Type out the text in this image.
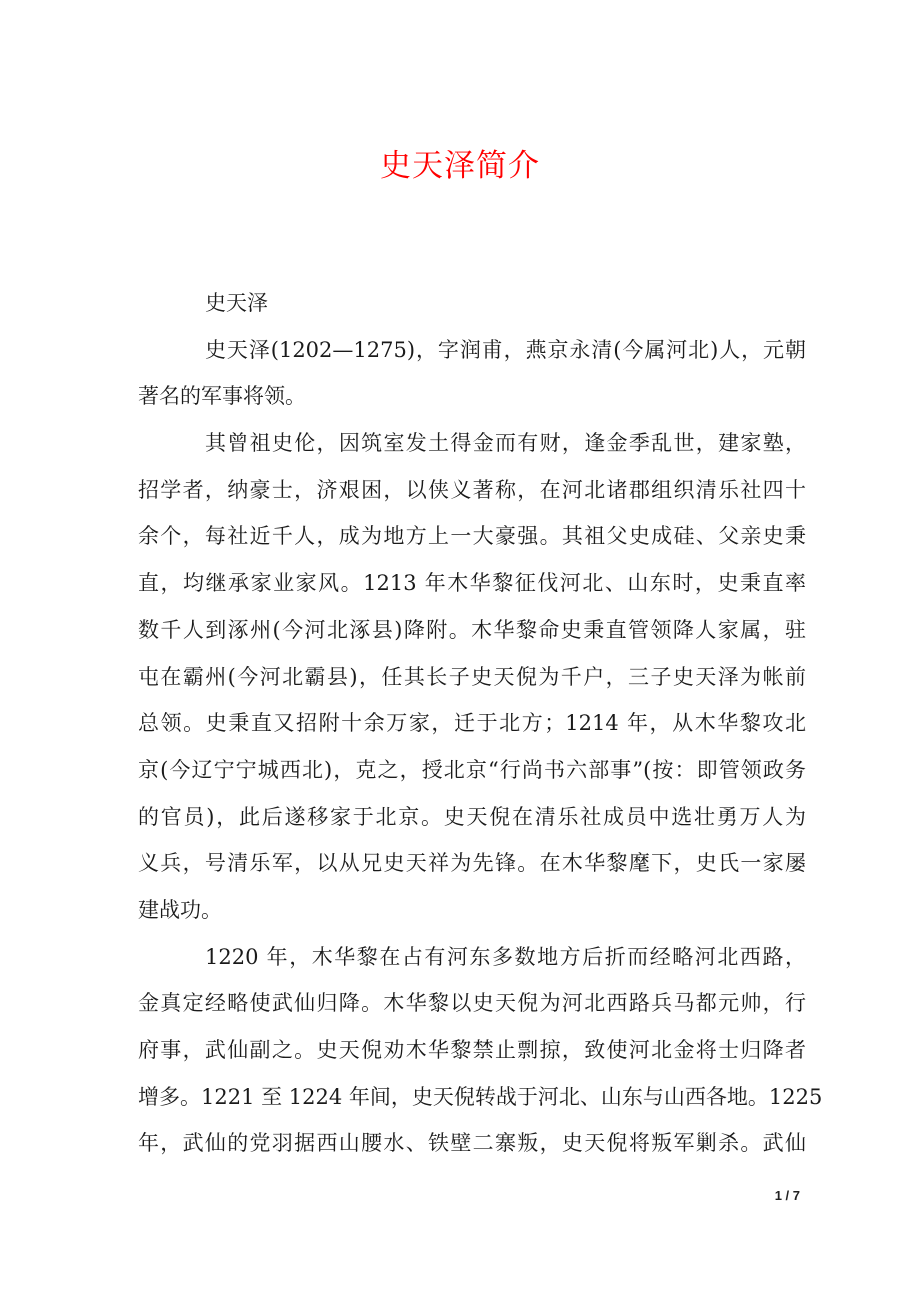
史天泽简介

史天泽

史天泽(1202—1275)，字润甫，燕京永清(今属河北)人，元朝
著名的军事将领。

其曾祖史伦，因筑室发土得金而有财，逢金季乱世，建家塾，
招学者，纳豪士，济艰困，以侠义著称，在河北诸郡组织清乐社四十
余个，每社近千人，成为地方上一大豪强。其祖父史成硅、父亲史秉
直，均继承家业家风。1213 年木华黎征伐河北、山东时，史秉直率
数千人到涿州(今河北涿县)降附。木华黎命史秉直管领降人家属，驻
屯在霸州(今河北霸县)，任其长子史天倪为千户，三子史天泽为帐前
总领。史秉直又招附十余万家，迁于北方；1214 年，从木华黎攻北
京(今辽宁宁城西北)，克之，授北京“行尚书六部事”(按：即管领政务
的官员)，此后遂移家于北京。史天倪在清乐社成员中选壮勇万人为
义兵，号清乐军，以从兄史天祥为先锋。在木华黎麾下，史氏一家屡
建战功。

1220 年，木华黎在占有河东多数地方后折而经略河北西路，
金真定经略使武仙归降。木华黎以史天倪为河北西路兵马都元帅，行
府事，武仙副之。史天倪劝木华黎禁止剽掠，致使河北金将士归降者
增多。1221 至 1224 年间，史天倪转战于河北、山东与山西各地。1225
年，武仙的党羽据西山腰水、铁壁二寨叛，史天倪将叛军剿杀。武仙

1 / 7
